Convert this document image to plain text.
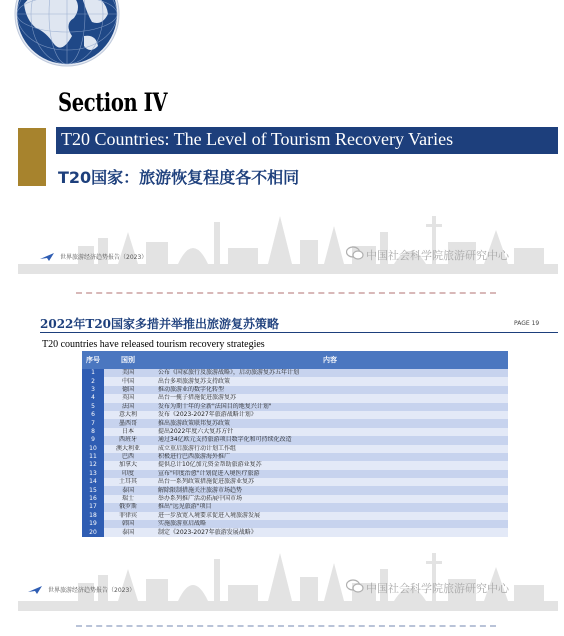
Section IV
T20 Countries: The Level of Tourism Recovery Varies
T20国家：旅游恢复程度各不相同
世界旅游经济趋势报告（2023）	中国社会科学院旅游研究中心
2022年T20国家多措并举推出旅游复苏策略	PAGE 19
T20 countries have released tourism recovery strategies
序号	国别	内容
1	美国	公布《国家旅行及旅游战略》，启动旅游复苏五年计划
2	中国	出台多项旅游复苏支持政策
3	德国	推动旅游业的数字化转型
4	英国	出台一揽子措施促进旅游复苏
5	法国	发布为期十年的全新"法国目的地复兴计划"
6	意大利	发布《2023-2027年旅游战略计划》
7	墨西哥	推出旅游政策联邦复苏政策
8	日本	提出2022年度六大复苏方针
9	西班牙	通过34亿欧元支持旅游项目数字化和可持续化改造
10	澳大利亚	成立重启旅游行动计划工作组
11	巴西	积极进行巴西旅游海外推广
12	加拿大	提供总计10亿加元资金帮助旅游业复苏
13	印度	宣布"印度治愈"计划促进入境医疗旅游
14	土耳其	出台一系列政策措施促进旅游业复苏
15	泰国	解除限制措施关注旅游市场趋势
16	瑞士	举办系列推广活动拓展中国市场
17	俄罗斯	推出"远见旅游"项目
18	菲律宾	进一步放宽入境要求促进入境旅游发展
19	韩国	实施旅游重启战略
20	泰国	制定《2023-2027年旅游发展战略》
世界旅游经济趋势报告（2023）	中国社会科学院旅游研究中心
